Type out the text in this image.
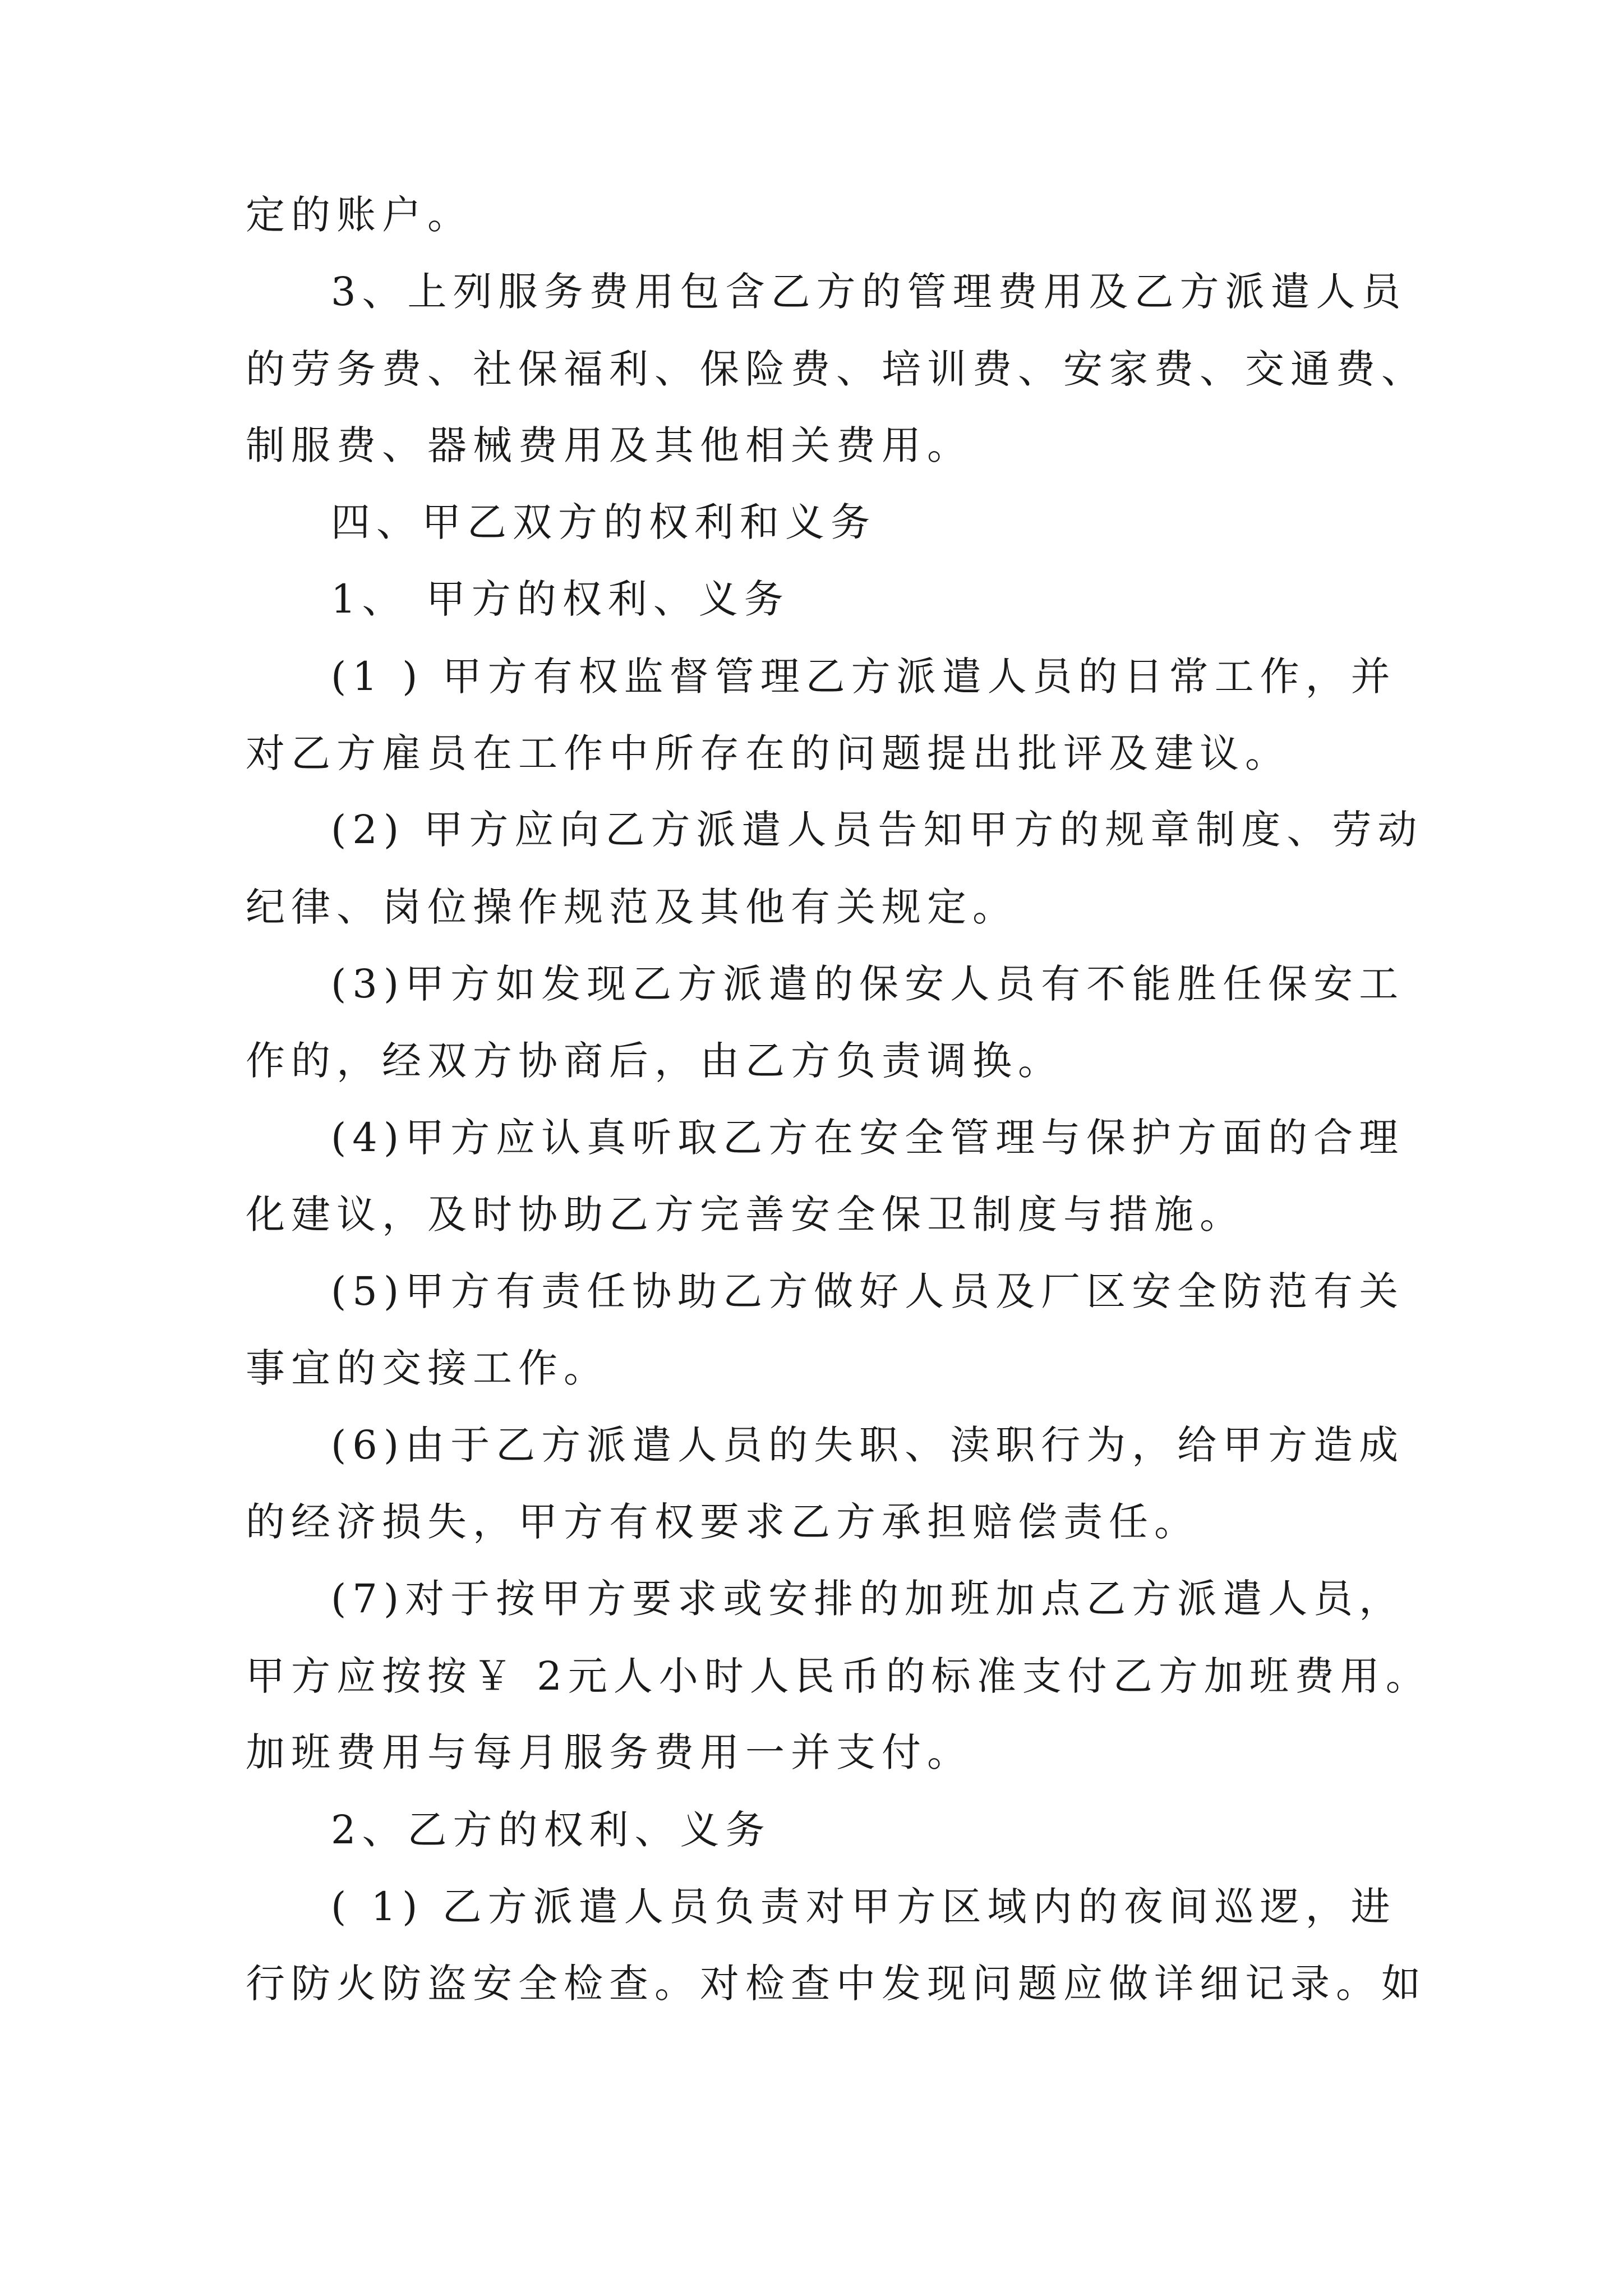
定的账户。
3、上列服务费用包含乙方的管理费用及乙方派遣人员
的劳务费、社保福利、保险费、培训费、安家费、交通费、
制服费、器械费用及其他相关费用。
四、甲乙双方的权利和义务
1、 甲方的权利、义务
(1 ) 甲方有权监督管理乙方派遣人员的日常工作，并
对乙方雇员在工作中所存在的问题提出批评及建议。
(2) 甲方应向乙方派遣人员告知甲方的规章制度、劳动
纪律、岗位操作规范及其他有关规定。
(3)甲方如发现乙方派遣的保安人员有不能胜任保安工
作的，经双方协商后，由乙方负责调换。
(4)甲方应认真听取乙方在安全管理与保护方面的合理
化建议，及时协助乙方完善安全保卫制度与措施。
(5)甲方有责任协助乙方做好人员及厂区安全防范有关
事宜的交接工作。
(6)由于乙方派遣人员的失职、渎职行为，给甲方造成
的经济损失，甲方有权要求乙方承担赔偿责任。
(7)对于按甲方要求或安排的加班加点乙方派遣人员，
甲方应按按￥ 2元人小时人民币的标准支付乙方加班费用。
加班费用与每月服务费用一并支付。
2、乙方的权利、义务
( 1) 乙方派遣人员负责对甲方区域内的夜间巡逻，进
行防火防盗安全检查。对检查中发现问题应做详细记录。如
